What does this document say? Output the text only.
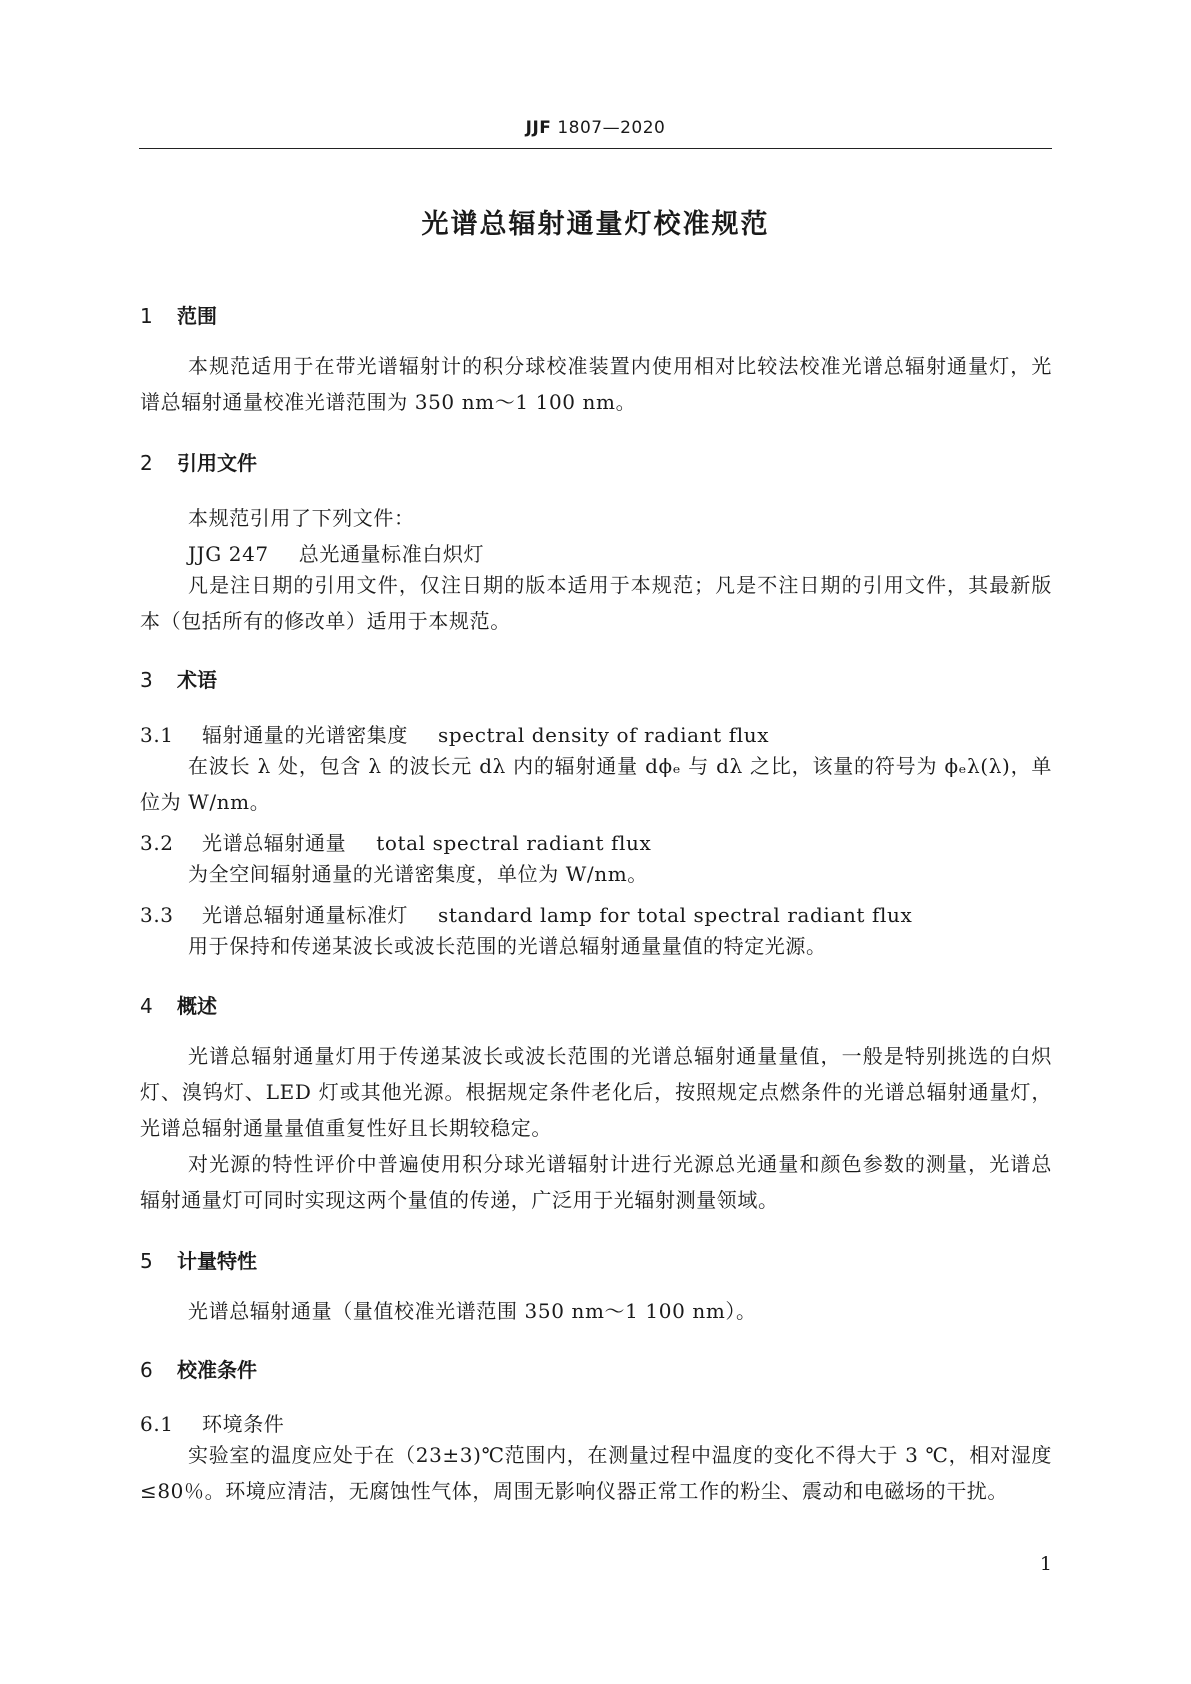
JJF 1807—2020
光谱总辐射通量灯校准规范
1 范围
本规范适用于在带光谱辐射计的积分球校准装置内使用相对比较法校准光谱总辐射通量灯，光谱总辐射通量校准光谱范围为 350 nm～1 100 nm。
2 引用文件
本规范引用了下列文件：
JJG 247 总光通量标准白炽灯
凡是注日期的引用文件，仅注日期的版本适用于本规范；凡是不注日期的引用文件，其最新版本（包括所有的修改单）适用于本规范。
3 术语
3.1 辐射通量的光谱密集度 spectral density of radiant flux
在波长 λ 处，包含 λ 的波长元 dλ 内的辐射通量 dϕₑ 与 dλ 之比，该量的符号为 ϕₑλ(λ)，单位为 W/nm。
3.2 光谱总辐射通量 total spectral radiant flux
为全空间辐射通量的光谱密集度，单位为 W/nm。
3.3 光谱总辐射通量标准灯 standard lamp for total spectral radiant flux
用于保持和传递某波长或波长范围的光谱总辐射通量量值的特定光源。
4 概述
光谱总辐射通量灯用于传递某波长或波长范围的光谱总辐射通量量值，一般是特别挑选的白炽灯、溴钨灯、LED 灯或其他光源。根据规定条件老化后，按照规定点燃条件的光谱总辐射通量灯，光谱总辐射通量量值重复性好且长期较稳定。
对光源的特性评价中普遍使用积分球光谱辐射计进行光源总光通量和颜色参数的测量，光谱总辐射通量灯可同时实现这两个量值的传递，广泛用于光辐射测量领域。
5 计量特性
光谱总辐射通量（量值校准光谱范围 350 nm～1 100 nm）。
6 校准条件
6.1 环境条件
实验室的温度应处于在（23±3)℃范围内，在测量过程中温度的变化不得大于 3 ℃，相对湿度≤80％。环境应清洁，无腐蚀性气体，周围无影响仪器正常工作的粉尘、震动和电磁场的干扰。
1
